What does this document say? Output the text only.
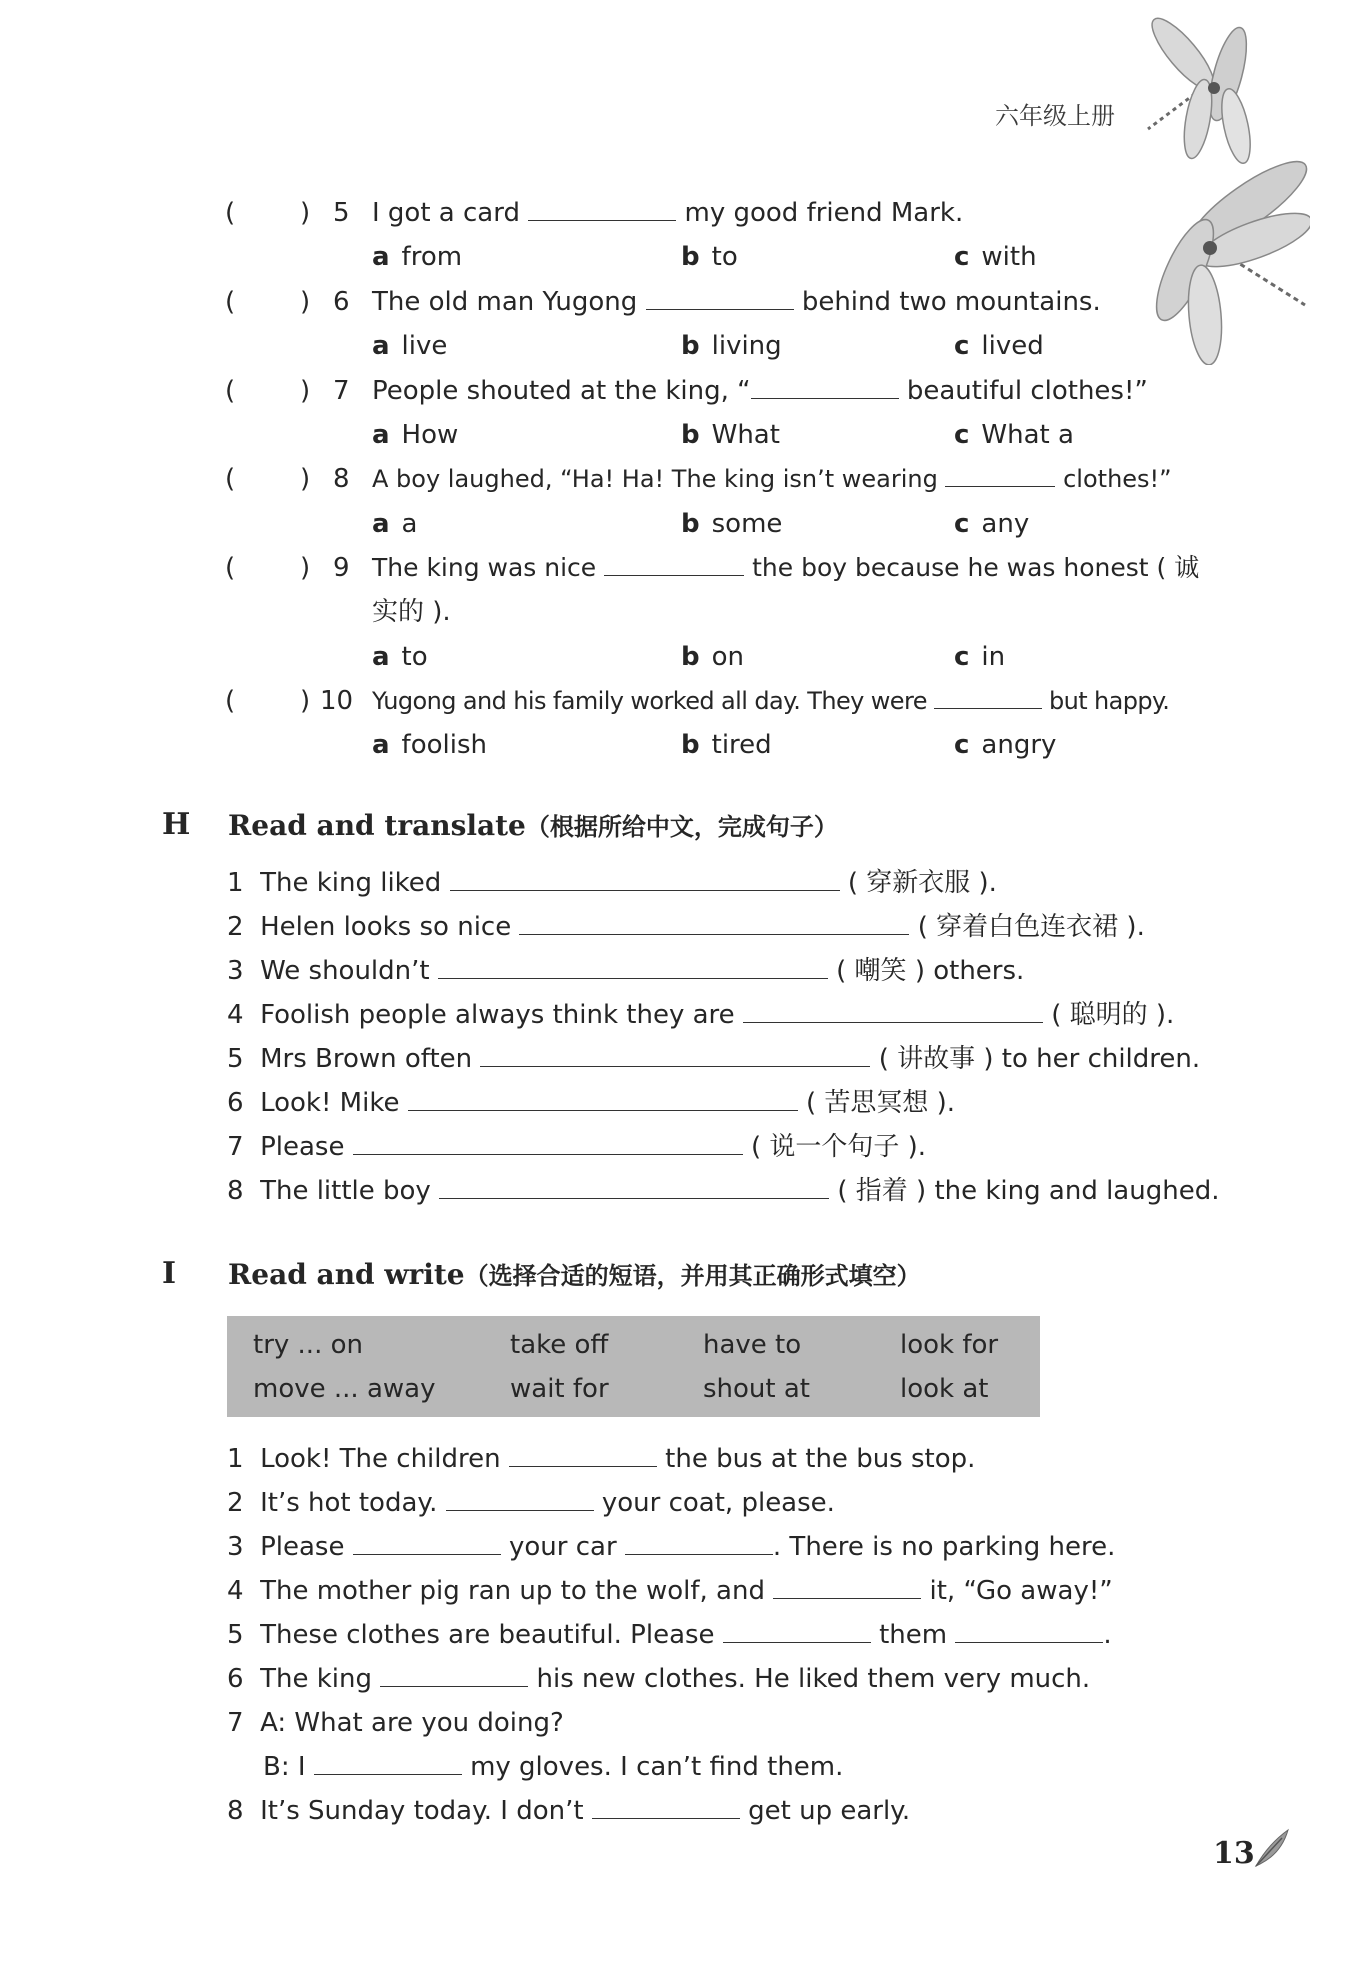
六年级上册
( ) 5 I got a card	my good friend Mark.
a from	b to	c with
( ) 6 The old man Yugong	behind two mountains.
a live	b living	c lived
( ) 7 People shouted at the king, “	beautiful clothes!”
a How	b What	c What a
( ) 8 A boy laughed, “Ha! Ha! The king isn’t wearing	clothes!”
a a	b some	c any
( ) 9 The king was nice	the boy because he was honest ( 诚
实的 ).
a to	b on	c in
( ) 10 Yugong and his family worked all day. They were	but happy.
a foolish	b tired	c angry
H Read and translate（根据所给中文，完成句子）
1 The king liked	( 穿新衣服 ).
2 Helen looks so nice	( 穿着白色连衣裙 ).
3 We shouldn’t	( 嘲笑 ) others.
4 Foolish people always think they are	( 聪明的 ).
5 Mrs Brown often	( 讲故事 ) to her children.
6 Look! Mike	( 苦思冥想 ).
7 Please	( 说一个句子 ).
8 The little boy	( 指着 ) the king and laughed.
I Read and write（选择合适的短语，并用其正确形式填空）
try ... on	take off	have to	look for
move ... away	wait for	shout at	look at
1 Look! The children	the bus at the bus stop.
2 It’s hot today.	your coat, please.
3 Please	your car	. There is no parking here.
4 The mother pig ran up to the wolf, and	it, “Go away!”
5 These clothes are beautiful. Please	them	.
6 The king	his new clothes. He liked them very much.
7 A: What are you doing?
B: I	my gloves. I can’t find them.
8 It’s Sunday today. I don’t	get up early.
13
